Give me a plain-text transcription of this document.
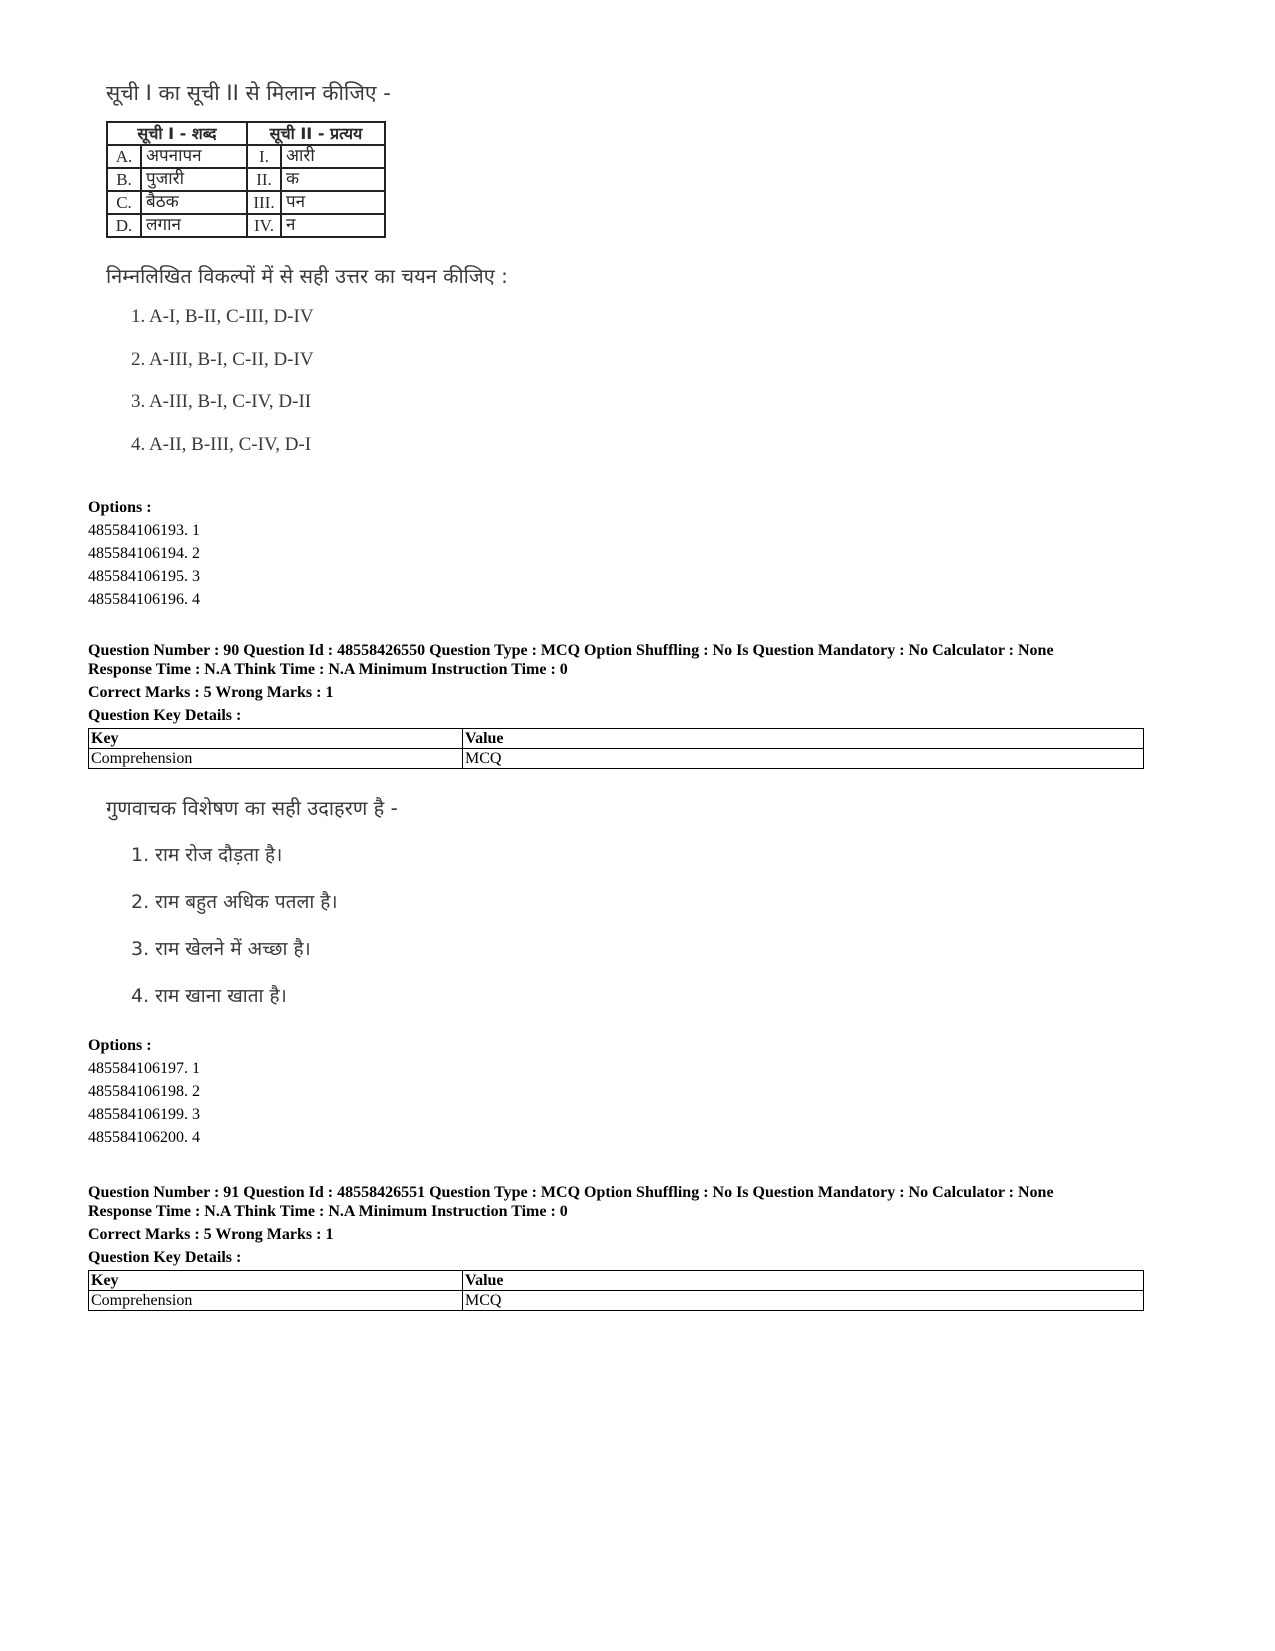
सूची I का सूची II से मिलान कीजिए -
सूची I - शब्द		सूची II - प्रत्यय	
A.	अपनापन	I.	आरी
B.	पुजारी	II.	क
C.	बैठक	III.	पन
D.	लगान	IV.	न
निम्नलिखित विकल्पों में से सही उत्तर का चयन कीजिए :
1. A-I, B-II, C-III, D-IV
2. A-III, B-I, C-II, D-IV
3. A-III, B-I, C-IV, D-II
4. A-II, B-III, C-IV, D-I
Options :
485584106193. 1
485584106194. 2
485584106195. 3
485584106196. 4
Question Number : 90 Question Id : 48558426550 Question Type : MCQ Option Shuffling : No Is Question Mandatory : No Calculator : None
Response Time : N.A Think Time : N.A Minimum Instruction Time : 0
Correct Marks : 5 Wrong Marks : 1
Question Key Details :
Key	Value
Comprehension	MCQ
गुणवाचक विशेषण का सही उदाहरण है -
1. राम रोज दौड़ता है।
2. राम बहुत अधिक पतला है।
3. राम खेलने में अच्छा है।
4. राम खाना खाता है।
Options :
485584106197. 1
485584106198. 2
485584106199. 3
485584106200. 4
Question Number : 91 Question Id : 48558426551 Question Type : MCQ Option Shuffling : No Is Question Mandatory : No Calculator : None
Response Time : N.A Think Time : N.A Minimum Instruction Time : 0
Correct Marks : 5 Wrong Marks : 1
Question Key Details :
Key	Value
Comprehension	MCQ
